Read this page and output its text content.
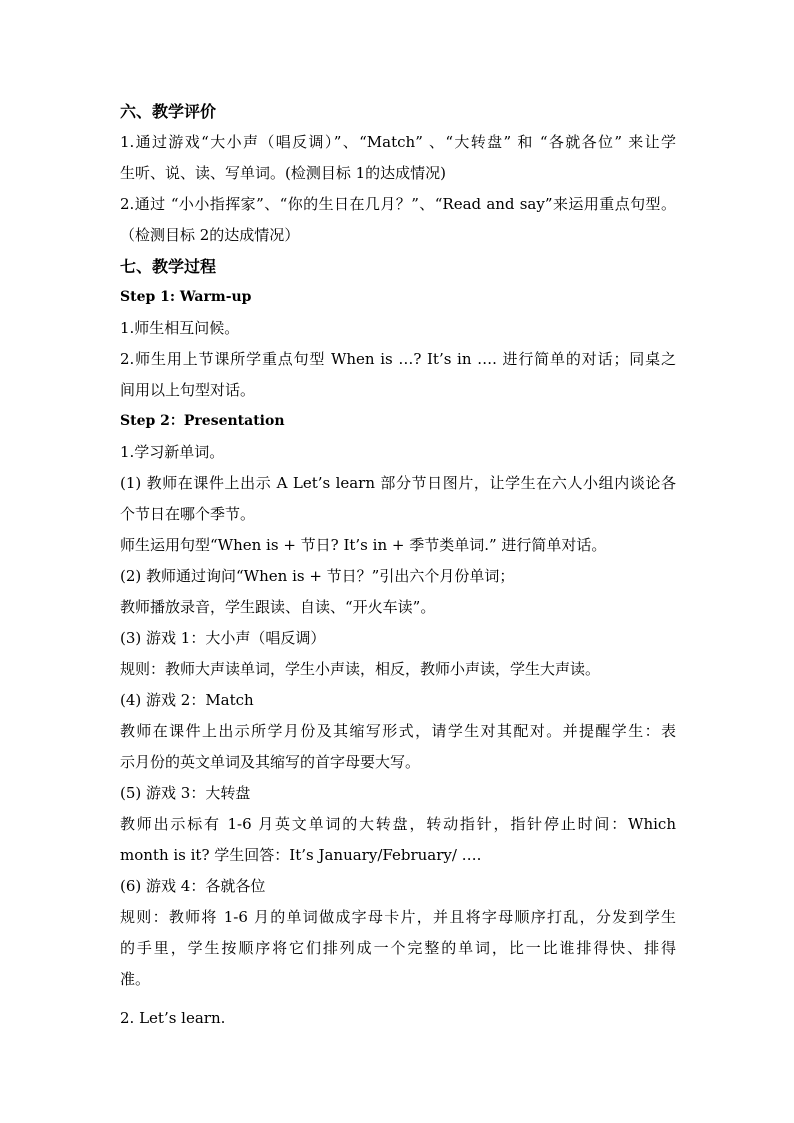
六、教学评价
1.通过游戏“大小声（唱反调）”、“Match” 、“大转盘” 和 “各就各位” 来让学
生听、说、读、写单词。(检测目标 1的达成情况)
2.通过 “小小指挥家”、“你的生日在几月？”、“Read and say”来运用重点句型。
（检测目标 2的达成情况）
七、教学过程
Step 1: Warm-up
1.师生相互问候。
2.师生用上节课所学重点句型 When is …? It’s in …. 进行简单的对话；同桌之
间用以上句型对话。
Step 2：Presentation
1.学习新单词。
(1) 教师在课件上出示 A Let’s learn 部分节日图片，让学生在六人小组内谈论各
个节日在哪个季节。
师生运用句型“When is + 节日? It’s in + 季节类单词.” 进行简单对话。
(2) 教师通过询问“When is + 节日？”引出六个月份单词；
教师播放录音，学生跟读、自读、“开火车读”。
(3) 游戏 1：大小声（唱反调）
规则：教师大声读单词，学生小声读，相反，教师小声读，学生大声读。
(4) 游戏 2：Match
教师在课件上出示所学月份及其缩写形式，请学生对其配对。并提醒学生：表
示月份的英文单词及其缩写的首字母要大写。
(5) 游戏 3：大转盘
教师出示标有 1-6 月英文单词的大转盘，转动指针，指针停止时间：Which
month is it? 学生回答：It’s January/February/ ….
(6) 游戏 4：各就各位
规则：教师将 1-6 月的单词做成字母卡片，并且将字母顺序打乱，分发到学生
的手里，学生按顺序将它们排列成一个完整的单词，比一比谁排得快、排得
准。
2. Let’s learn.
